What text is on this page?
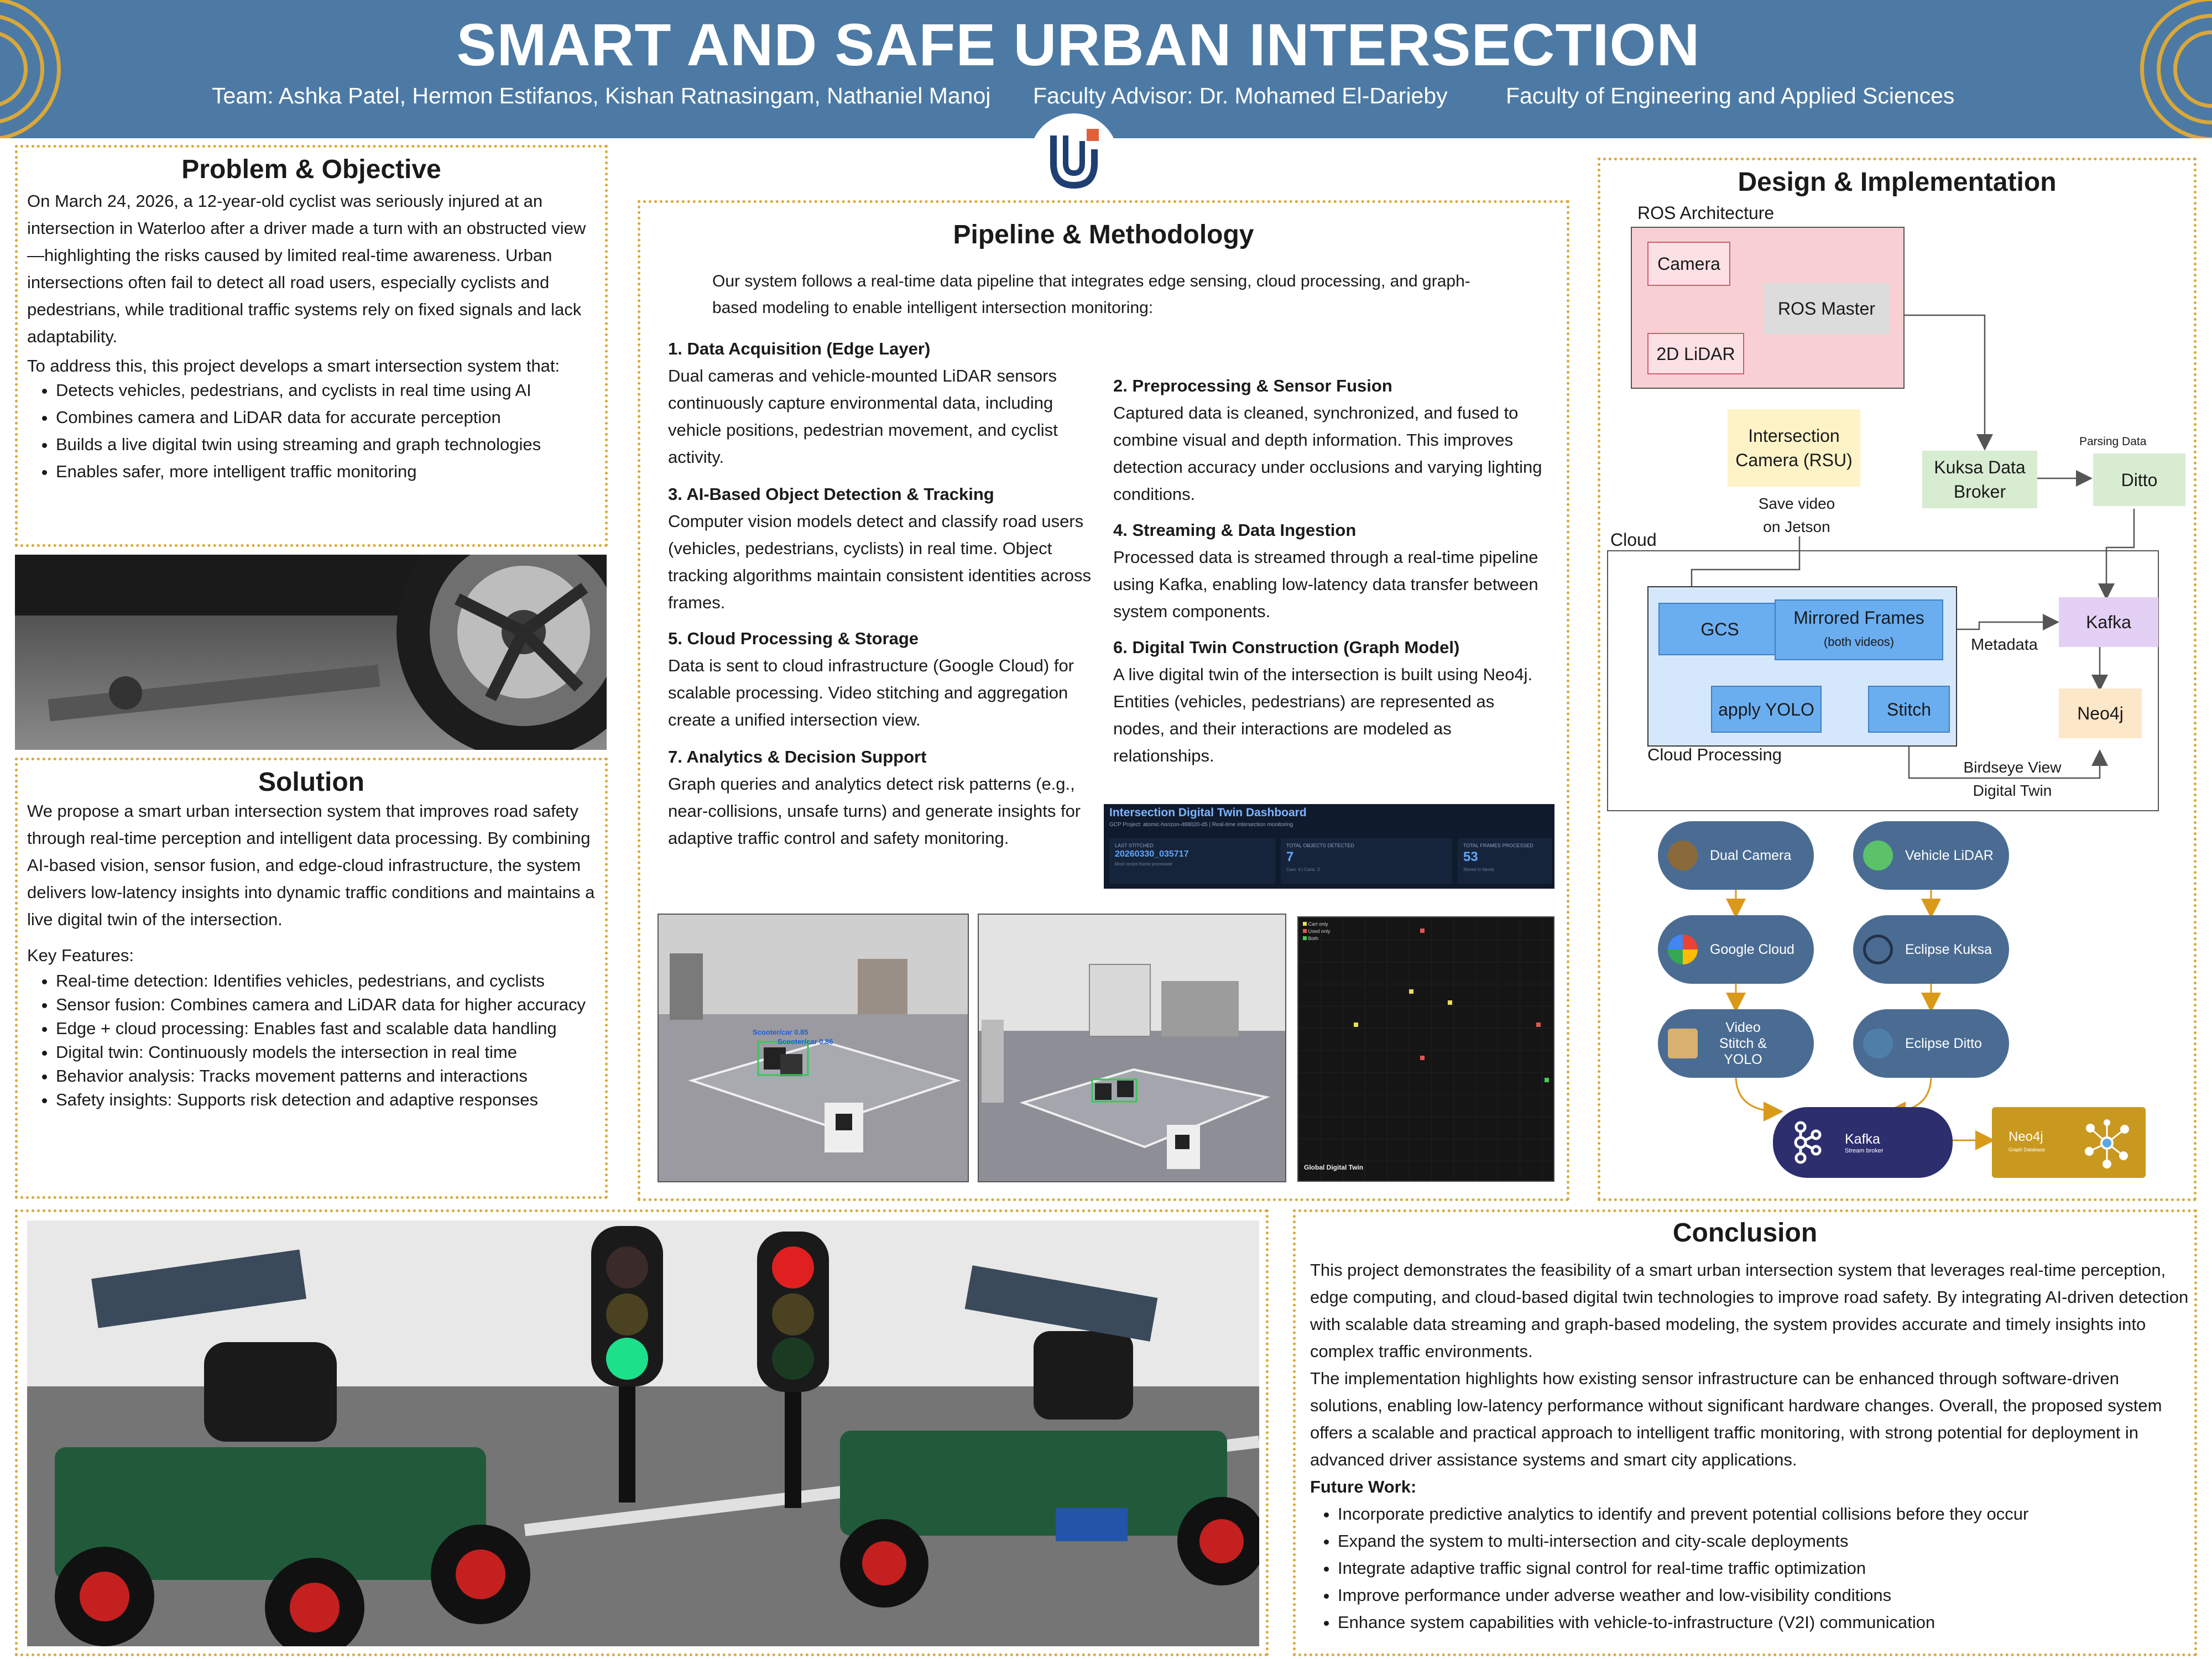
SMART AND SAFE URBAN INTERSECTION
Team: Ashka Patel, Hermon Estifanos, Kishan Ratnasingam, Nathaniel Manoj Faculty Advisor: Dr. Mohamed El-Darieby	Faculty of Engineering and Applied Sciences
Problem & Objective

On March 24, 2026, a 12-year-old cyclist was seriously injured at an intersection in Waterloo after a driver made a turn with an obstructed view—highlighting the risks caused by limited real-time awareness. Urban intersections often fail to detect all road users, especially cyclists and pedestrians, while traditional traffic systems rely on fixed signals and lack adaptability.

To address this, this project develops a smart intersection system that:

• Detects vehicles, pedestrians, and cyclists in real time using AI
• Combines camera and LiDAR data for accurate perception
• Builds a live digital twin using streaming and graph technologies
• Enables safer, more intelligent traffic monitoring
Solution

We propose a smart urban intersection system that improves road safety through real-time perception and intelligent data processing. By combining AI-based vision, sensor fusion, and edge-cloud infrastructure, the system delivers low-latency insights into dynamic traffic conditions and maintains a live digital twin of the intersection.

Key Features:

• Real-time detection: Identifies vehicles, pedestrians, and cyclists
• Sensor fusion: Combines camera and LiDAR data for higher accuracy
• Edge + cloud processing: Enables fast and scalable data handling
• Digital twin: Continuously models the intersection in real time
• Behavior analysis: Tracks movement patterns and interactions
• Safety insights: Supports risk detection and adaptive responses
Pipeline & Methodology
Our system follows a real-time data pipeline that integrates edge sensing, cloud processing, and graph-based modeling to enable intelligent intersection monitoring:
1. Data Acquisition (Edge Layer)

Dual cameras and vehicle-mounted LiDAR sensors continuously capture environmental data, including vehicle positions, pedestrian movement, and cyclist activity.

3. AI-Based Object Detection & Tracking

Computer vision models detect and classify road users (vehicles, pedestrians, cyclists) in real time. Object tracking algorithms maintain consistent identities across frames.

5. Cloud Processing & Storage

Data is sent to cloud infrastructure (Google Cloud) for scalable processing. Video stitching and aggregation create a unified intersection view.

7. Analytics & Decision Support

Graph queries and analytics detect risk patterns (e.g., near-collisions, unsafe turns) and generate insights for adaptive traffic control and safety monitoring.

2. Preprocessing & Sensor Fusion

Captured data is cleaned, synchronized, and fused to combine visual and depth information. This improves detection accuracy under occlusions and varying lighting conditions.

4. Streaming & Data Ingestion

Processed data is streamed through a real-time pipeline using Kafka, enabling low-latency data transfer between system components.

6. Digital Twin Construction (Graph Model)

A live digital twin of the intersection is built using Neo4j. Entities (vehicles, pedestrians) are represented as nodes, and their interactions are modeled as relationships.

Intersection Digital Twin Dashboard
GCP Project: atomic-horizon-488020-d5 | Real-time intersection monitoring
LAST STITCHED
20260330_035717
Most recent frame processed
TOTAL OBJECTS DETECTED
7
Cars: 4 | Carts: 3
TOTAL FRAMES PROCESSED
53
Stored in Neo4j
Scooter/car 0.85
Scooter/car 0.86
Cart only
Used only
Both
Global Digital Twin
Design & Implementation
ROS Architecture
Camera
2D LiDAR
ROS Master
Intersection Camera (RSU)	Kuksa Data Broker
Parsing Data
Ditto
Save video on Jetson
Cloud
GCS
Mirrored Frames
(both videos)
apply YOLO	Stitch
Cloud Processing
Metadata
Kafka
Neo4j
Birdseye View Digital Twin
Dual Camera	Vehicle LiDAR
Google Cloud	Eclipse Kuksa
Video Stitch & YOLO
Eclipse Ditto
Kafka
Stream broker
Neo4j
Graph Database
Conclusion

This project demonstrates the feasibility of a smart urban intersection system that leverages real-time perception, edge computing, and cloud-based digital twin technologies to improve road safety. By integrating AI-driven detection with scalable data streaming and graph-based modeling, the system provides accurate and timely insights into complex traffic environments.

The implementation highlights how existing sensor infrastructure can be enhanced through software-driven solutions, enabling low-latency performance without significant hardware changes. Overall, the proposed system offers a scalable and practical approach to intelligent traffic monitoring, with strong potential for deployment in advanced driver assistance systems and smart city applications.

Future Work:

• Incorporate predictive analytics to identify and prevent potential collisions before they occur
• Expand the system to multi-intersection and city-scale deployments
• Integrate adaptive traffic signal control for real-time traffic optimization
• Improve performance under adverse weather and low-visibility conditions
• Enhance system capabilities with vehicle-to-infrastructure (V2I) communication
